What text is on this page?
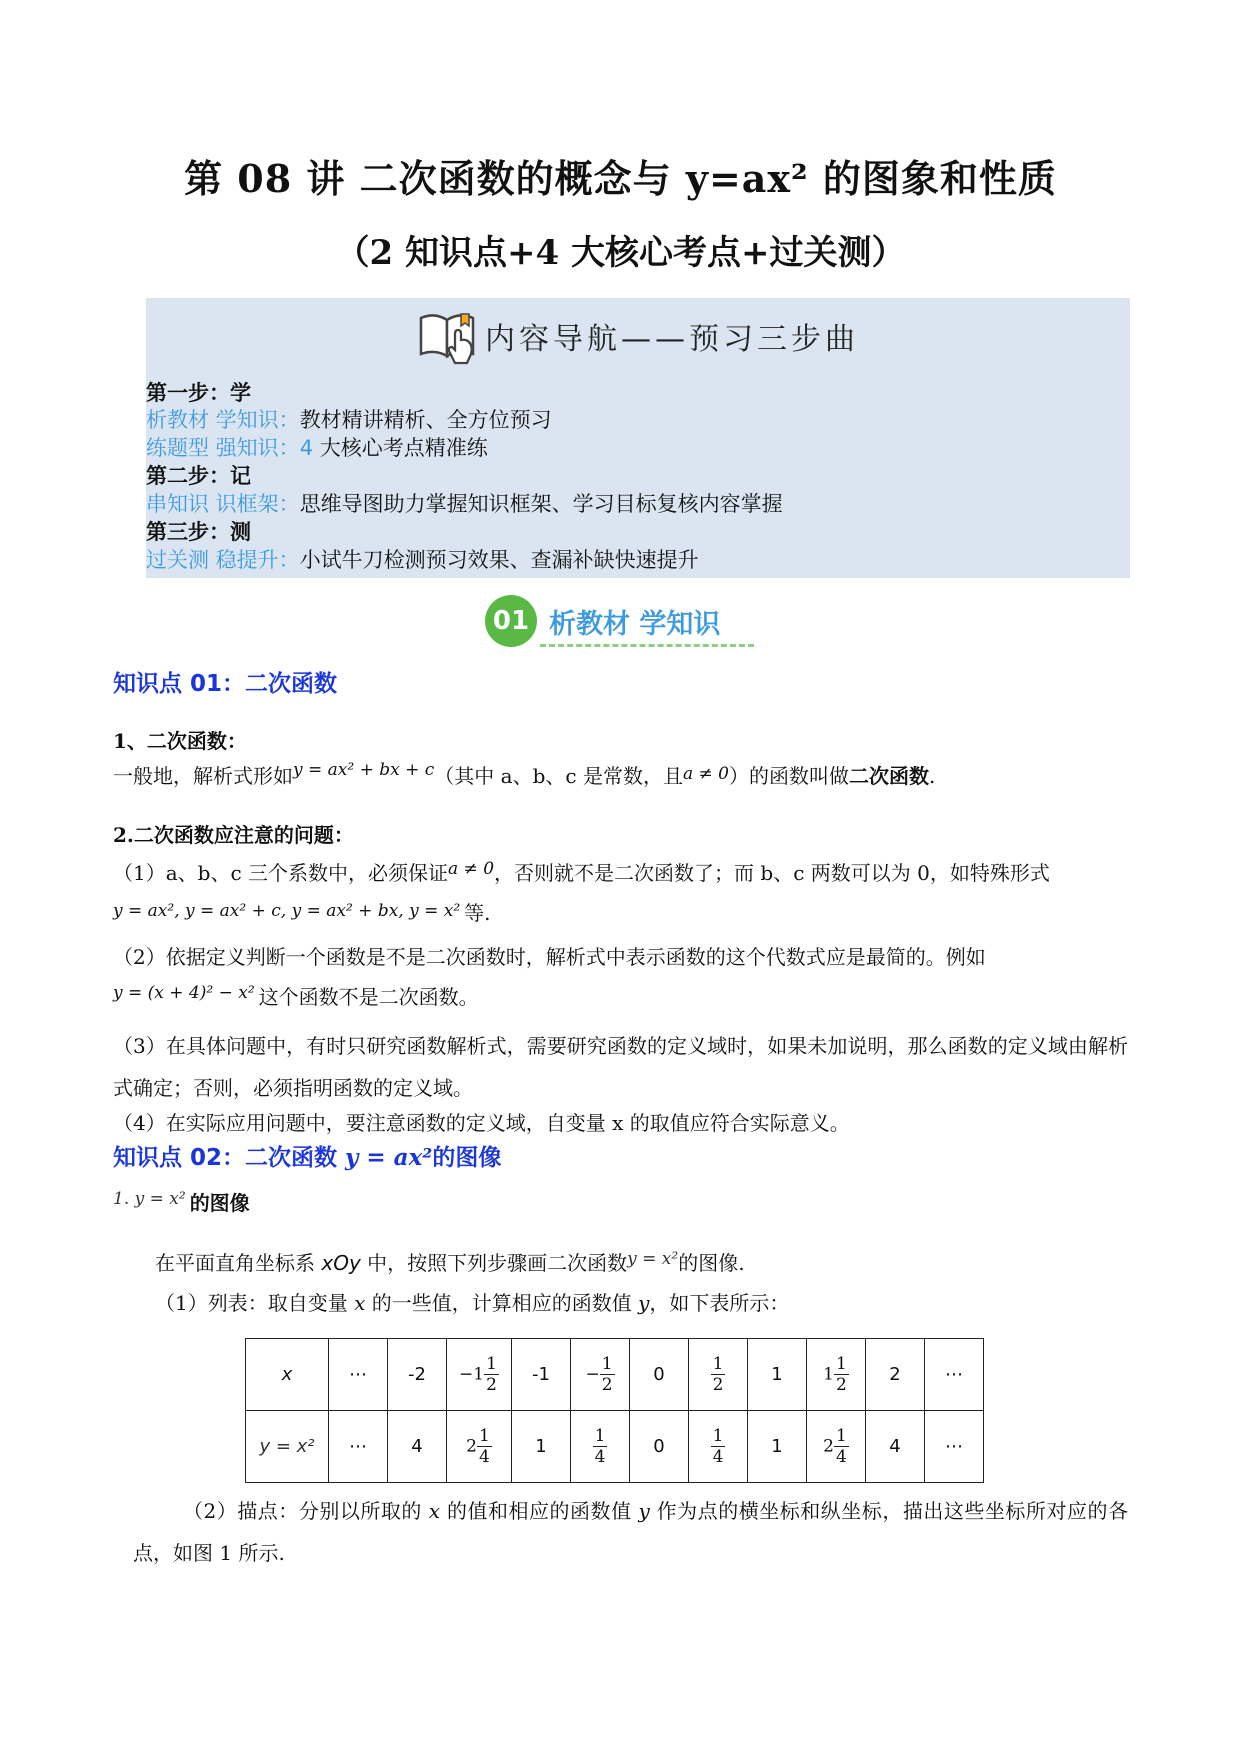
第 08 讲 二次函数的概念与 y=ax² 的图象和性质
（2 知识点+4 大核心考点+过关测）
内容导航——预习三步曲
第一步：学
析教材 学知识：教材精讲精析、全方位预习
练题型 强知识：4 大核心考点精准练
第二步：记
串知识 识框架：思维导图助力掌握知识框架、学习目标复核内容掌握
第三步：测
过关测 稳提升：小试牛刀检测预习效果、查漏补缺快速提升
01 析教材 学知识
知识点 01：二次函数
1、二次函数：
一般地，解析式形如$^{y = ax^2 + bx + c}$（其中 a、b、c 是常数，且$^{a \ne 0}$）的函数叫做二次函数.
2.二次函数应注意的问题：
（1）a、b、c 三个系数中，必须保证$^{a \ne 0}$，否则就不是二次函数了；而 b、c 两数可以为 0，如特殊形式
$^{y = ax^2, y = ax^2 + c, y = ax^2 + bx, y = x^2}$ 等.
（2）依据定义判断一个函数是不是二次函数时，解析式中表示函数的这个代数式应是最简的。例如
$^{y = (x + 4)^2 - x^2}$ 这个函数不是二次函数。
（3）在具体问题中，有时只研究函数解析式，需要研究函数的定义域时，如果未加说明，那么函数的定义域由解析式确定；否则，必须指明函数的定义域。
（4）在实际应用问题中，要注意函数的定义域，自变量 x 的取值应符合实际意义。
知识点 02：二次函数 y = ax²的图像
$^{1. y = x^2}$ 的图像
在平面直角坐标系 xOy 中，按照下列步骤画二次函数$^{y = x^2}$的图像.
（1）列表：取自变量 x 的一些值，计算相应的函数值 y，如下表所示：
x	⋯	-2	$-1 \frac{1}{2}$	-1	− $\frac{1}{2}$	0	$\frac{1}{2}$	1	$1 \frac{1}{2}$	2	⋯
y = x²	⋯	4	$2 \frac{1}{4}$	1	$\frac{1}{4}$	0	$\frac{1}{4}$	1	$2 \frac{1}{4}$	4	⋯
（2）描点：分别以所取的 x 的值和相应的函数值 y 作为点的横坐标和纵坐标，描出这些坐标所对应的各点，如图 1 所示.
